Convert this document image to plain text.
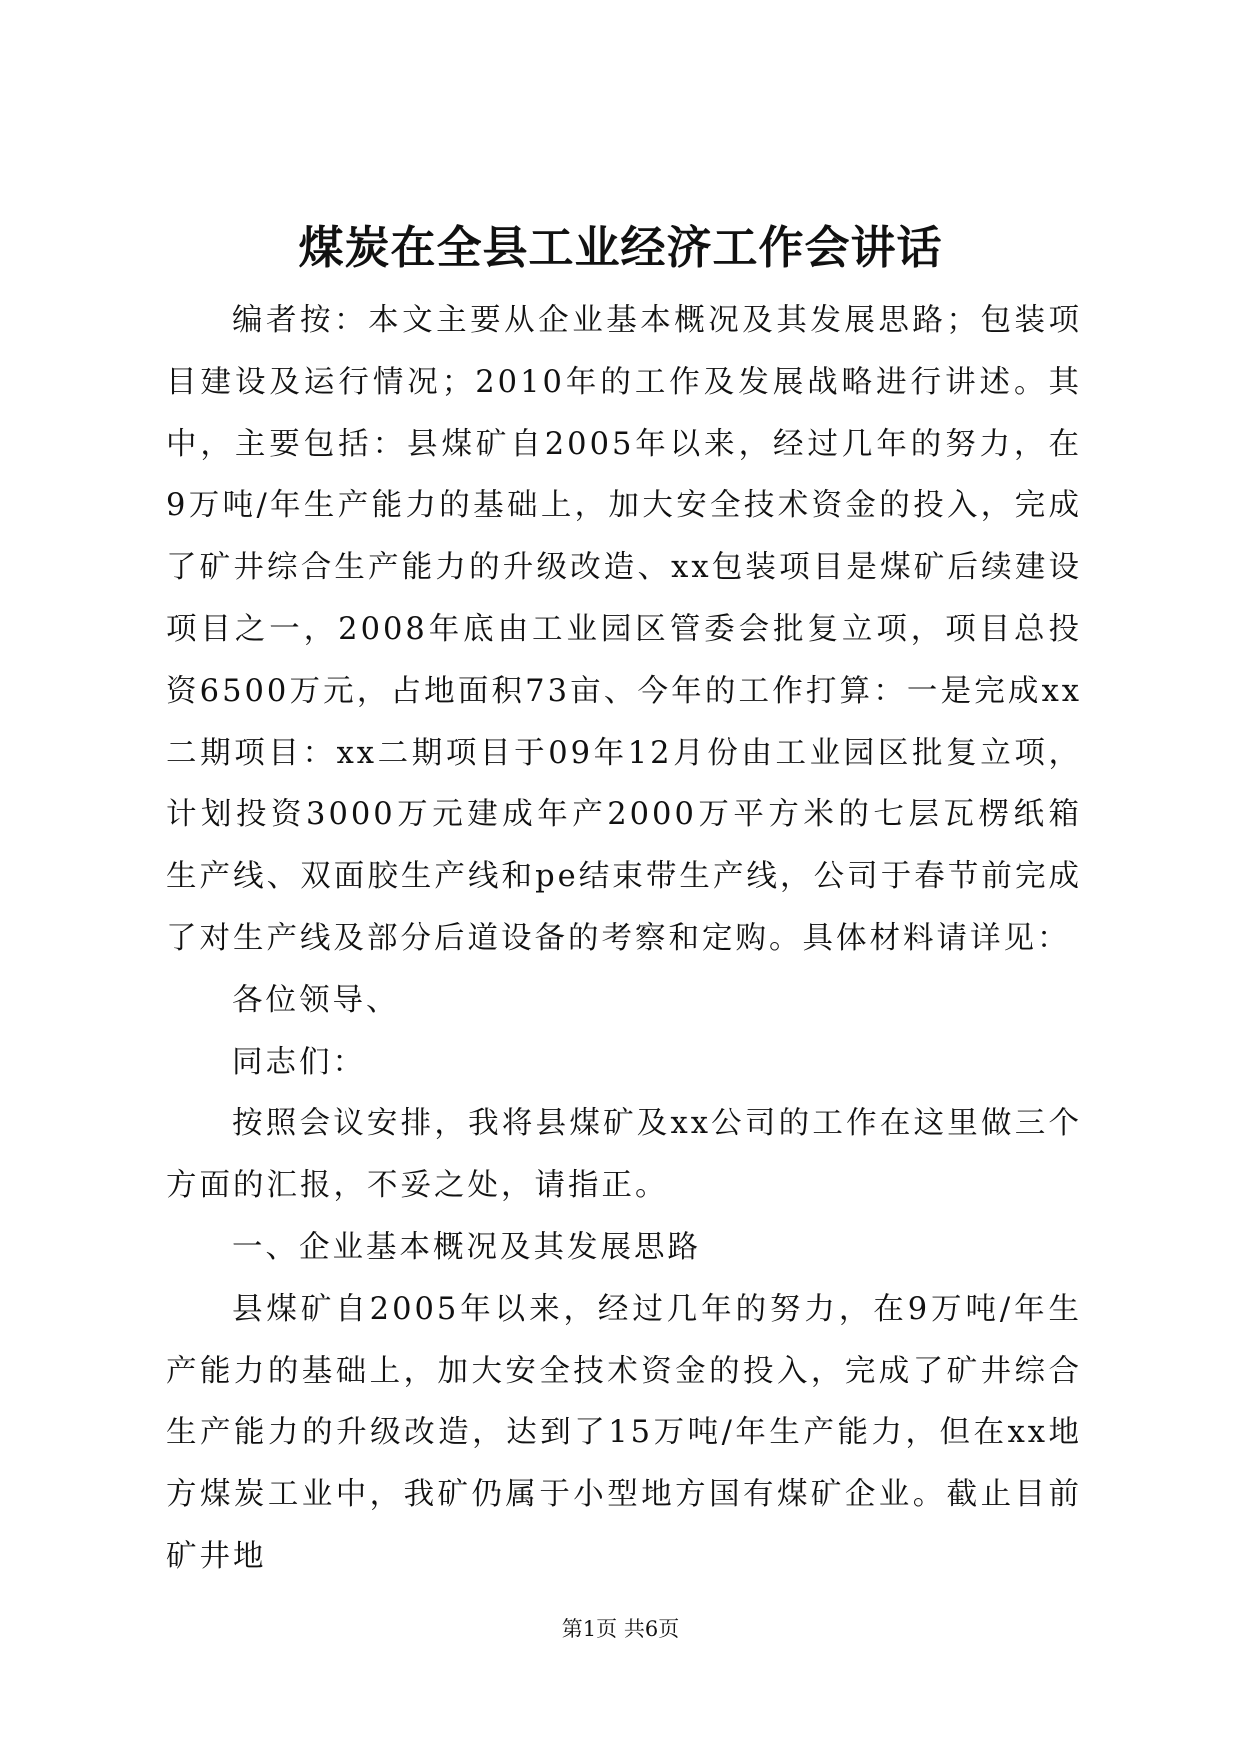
煤炭在全县工业经济工作会讲话

编者按：本文主要从企业基本概况及其发展思路；包装项目建设及运行情况；2010年的工作及发展战略进行讲述。其中，主要包括：县煤矿自2005年以来，经过几年的努力，在9万吨/年生产能力的基础上，加大安全技术资金的投入，完成了矿井综合生产能力的升级改造、xx包装项目是煤矿后续建设项目之一，2008年底由工业园区管委会批复立项，项目总投资6500万元，占地面积73亩、今年的工作打算：一是完成xx二期项目：xx二期项目于09年12月份由工业园区批复立项，计划投资3000万元建成年产2000万平方米的七层瓦楞纸箱生产线、双面胶生产线和pe结束带生产线，公司于春节前完成了对生产线及部分后道设备的考察和定购。具体材料请详见：

各位领导、

同志们：

按照会议安排，我将县煤矿及xx公司的工作在这里做三个方面的汇报，不妥之处，请指正。

一、企业基本概况及其发展思路

县煤矿自2005年以来，经过几年的努力，在9万吨/年生产能力的基础上，加大安全技术资金的投入，完成了矿井综合生产能力的升级改造，达到了15万吨/年生产能力，但在xx地方煤炭工业中，我矿仍属于小型地方国有煤矿企业。截止目前矿井地

第1页 共6页
